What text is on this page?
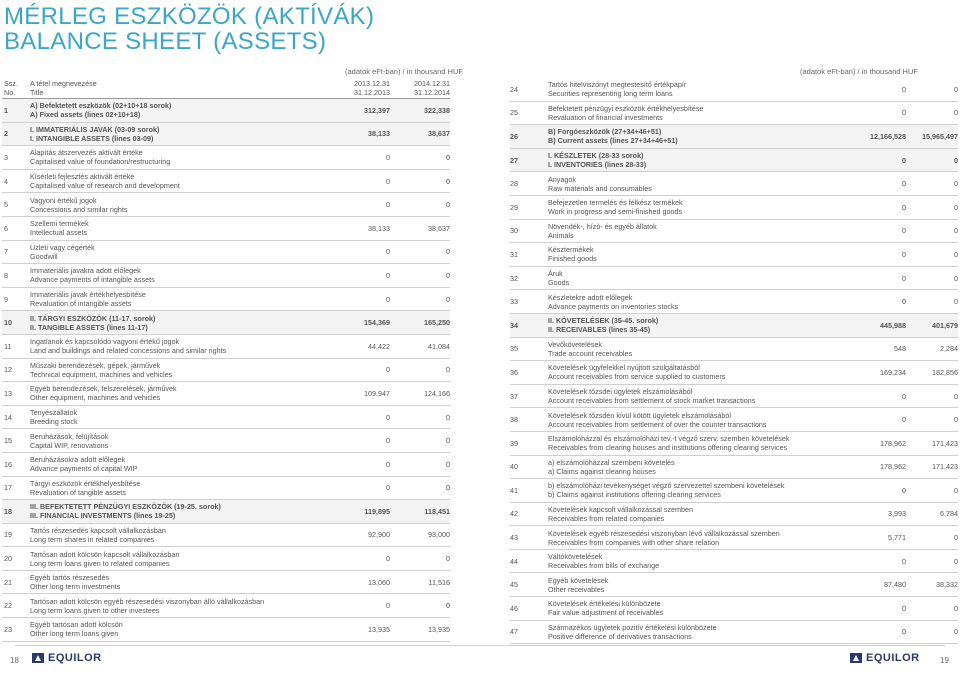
MÉRLEG ESZKÖZÖK (AKTÍVÁK)
BALANCE SHEET (ASSETS)
(adatok eFt-ban) / in thousand HUF	(adatok eFt-ban) / in thousand HUF
Ssz.
No.
A tétel megnevezése
Title
2013.12.31
31.12.2013
2014.12.31
31.12.2014
1	A) Befektetett eszközök (02+10+18 sorok)
A) Fixed assets (lines 02+10+18)	312,397	322,338
2	I. IMMATERIÁLIS JAVAK (03-09 sorok)
I. INTANGIBLE ASSETS (lines 03-09)	38,133	38,637
3	Alapítás átszervezés aktivált értéke
Capitalised value of foundation/restructuring	0	0
4	Kísérleti fejlesztés aktivált értéke
Capitalised value of research and development	0	0
5	Vagyoni értékű jogok
Concessions and similar rights	0	0
6	Szellemi termékek
Intellectual assets	38,133	38,637
7	Üzleti vagy cégérték
Goodwill	0	0
8	Immateriális javakra adott előlegek
Advance payments of intangible assets	0	0
9	Immateriális javak értékhelyesbítése
Revaluation of intangible assets	0	0
10	II. TÁRGYI ESZKÖZÖK (11-17. sorok)
II. TANGIBLE ASSETS (lines 11-17)	154,369	165,250
11	Ingatlanok és kapcsolódó vagyoni értékű jogok
Land and buildings and related concessions and similar rights	44,422	41,084
12	Műszaki berendezések, gépek, járművek
Technical equipment, machines and vehicles	0	0
13	Egyéb berendezések, felszerelések, járművek
Other equipment, machines and vehicles	109,947	124,166
14	Tenyészállatok
Breeding stock	0	0
15	Beruházások, felújítások
Capital WIP, renovations	0	0
16	Beruházásokra adott előlegek
Advance payments of capital WIP	0	0
17	Tárgyi eszközök értékhelyesbítése
Revaluation of tangible assets	0	0
18	III. BEFEKTETETT PÉNZÜGYI ESZKÖZÖK (19-25. sorok)
III. FINANCIAL INVESTMENTS (lines 19-25)	119,895	118,451
19	Tartós részesedés kapcsolt vállalkozásban
Long term shares in related companies	92,900	93,000
20	Tartósan adott kölcsön kapcsolt vállalkozásban
Long term loans given to related companies	0	0
21	Egyéb tartós részesedés
Other long term investments	13,060	11,516
22	Tartósan adott kölcsön egyéb részesedési viszonyban álló vállalkozásban
Long term loans given to other investees	0	0
23	Egyéb tartósan adott kölcsön
Other long term loans given	13,935	13,935
24	Tartós hitelviszonyt megtestesítő értékpapír
Securities representing long term loans	0	0
25	Befektetett pénzügyi eszközök értékhelyesbítése
Revaluation of financial investments	0	0
26	B) Forgóeszközök (27+34+46+51)
B) Current assets (lines 27+34+46+51)	12,166,528	15,965,497
27	I. KÉSZLETEK (28-33 sorok)
I. INVENTORIES (lines 28-33)	0	0
28	Anyagok
Raw materials and consumables	0	0
29	Befejezetlen termelés és félkész termékek
Work in progress and semi-finished goods	0	0
30	Növendék-, hízó- és egyéb állatok
Animals	0	0
31	Késztermékek
Finished goods	0	0
32	Áruk
Goods	0	0
33	Készletekre adott előlegek
Advance payments on inventories stocks	0	0
34	II. KÖVETELÉSEK (35-45. sorok)
II. RECEIVABLES (lines 35-45)	445,988	401,679
35	Vevőkövetelések
Trade account receivables	548	2,284
36	Követelések ügyfelekkel nyújtott szolgáltatásból
Account receivables from service supplied to customers	169,234	182,856
37	Követelések tőzsdei ügyletek elszámolásából
Account receivables from settlement of stock market transactions	0	0
38	Követelések tőzsdén kívül kötött ügyletek elszámolásából
Account receivables from settlement of over the counter transactions	0	0
39	Elszámolóházzal és elszámolóházi tev.-t végző szerv. szemben követelések
Receivables from clearing houses and institutions offering clearing services	178,962	171,423
40	a) elszámolóházzal szembeni követelés
a) Claims against clearing houses	178,962	171,423
41	b) elszámolóházi tevékenységet végző szervezettel szembeni követelések
b) Claims against institutions offering clearing services	0	0
42	Követelések kapcsolt vállalkozással szemben
Receivables from related companies	3,993	6,784
43	Követelések egyéb részesedési viszonyban lévő vállalkozással szemben
Receivables from companies with other share relation	5,771	0
44	Váltókövetelések
Receivables from bills of exchange	0	0
45	Egyéb követelések
Other receivables	87,480	38,332
46	Követelések értékelési különbözete
Fair value adjustment of receivables	0	0
47	Származékos ügyletek pozitív értékelési különbözete
Positive difference of derivatives transactions	0	0
18	EQUILOR	EQUILOR	19
